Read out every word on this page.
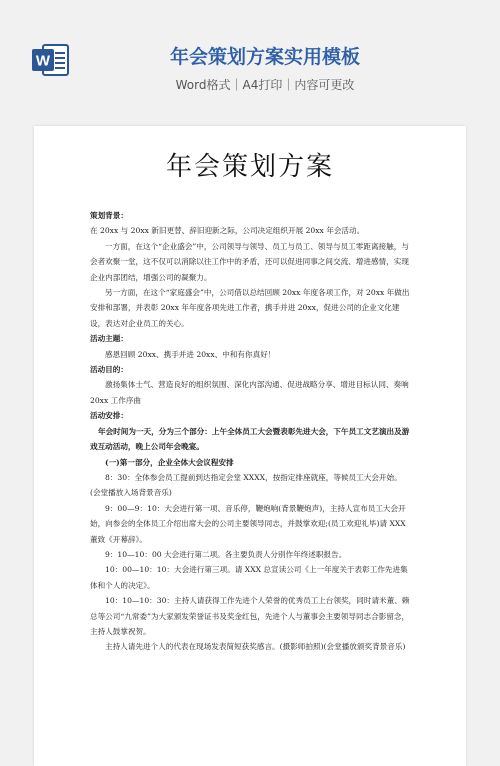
W	年会策划方案实用模板
Word格式｜A4打印｜内容可更改
年会策划方案

策划背景：

在 20xx 与 20xx 新旧更替、辞旧迎新之际，公司决定组织开展 20xx 年会活动。

一方面，在这个“企业盛会”中，公司领导与领导、员工与员工、领导与员工零距离接触，与会者欢聚一堂，这不仅可以消除以往工作中的矛盾，还可以促进同事之间交流、增进感情，实现企业内部团结，增强公司的凝聚力。

另一方面，在这个“家庭盛会”中，公司借以总结回顾 20xx 年度各项工作，对 20xx 年做出安排和部署，并表彰 20xx 年年度各项先进工作者，携手并进 20xx，促进公司的企业文化建设，表达对企业员工的关心。

活动主题：

感恩回顾 20xx、携手并进 20xx、中和有你真好！

活动目的：

激扬集体士气、营造良好的组织氛围、深化内部沟通、促进战略分享、增进目标认同、奏响 20xx 工作序曲

活动安排：

年会时间为一天，分为三个部分：上午全体员工大会暨表彰先进大会，下午员工文艺演出及游戏互动活动，晚上公司年会晚宴。

(一)第一部分，企业全体大会议程安排

8：30：全体参会员工提前到达指定会堂 XXXX，按指定排座就座，等候员工大会开始。(会堂播放入场背景音乐)

9：00—9：10：大会进行第一项、音乐停，鞭炮响(背景鞭炮声)，主持人宣布员工大会开始，向参会的全体员工介绍出席大会的公司主要领导同志，并鼓掌欢迎;(员工欢迎礼毕)请 XXX 董致《开幕辞》。

9：10—10：00 大会进行第二项。各主要负责人分别作年终述职报告。

10：00—10：10：大会进行第三项。请 XXX 总宣读公司《上一年度关于表彰工作先进集体和个人的决定》。

10：10—10：30：主持人请获得工作先进个人荣誉的优秀员工上台领奖，同时请米董、赖总等公司“九常委”为大家颁发荣誉证书及奖金红包，先进个人与董事会主要领导同志合影留念，主持人鼓掌祝贺。

主持人请先进个人的代表在现场发表简短获奖感言。(摄影师拍照)(会堂播放颁奖背景音乐)
